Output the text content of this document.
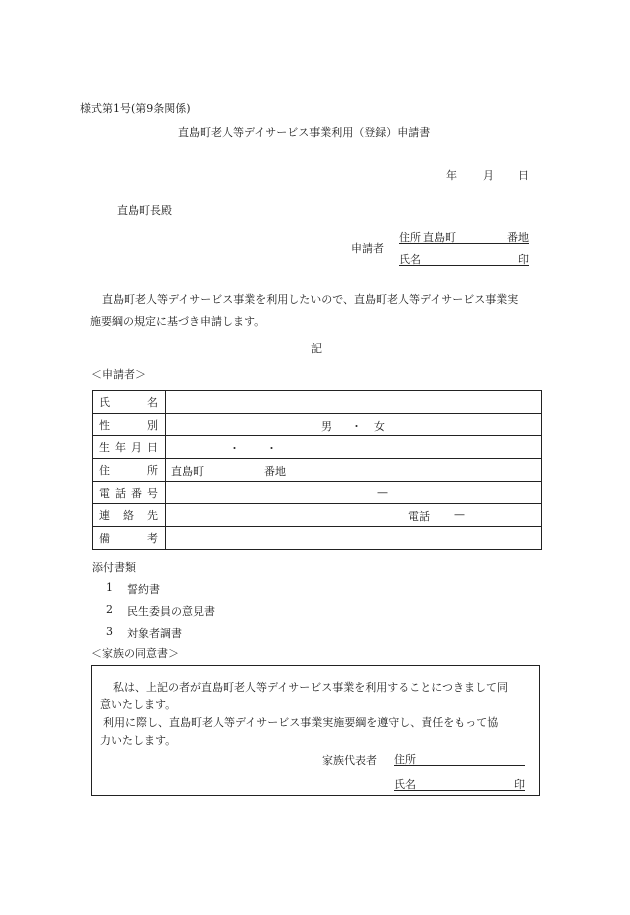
様式第1号(第9条関係)
直島町老人等デイサービス事業利用（登録）申請書
年 月 日
直島町長殿
申請者
住所 直島町	番地
氏名	印
直島町老人等デイサービス事業を利用したいので、直島町老人等デイサービス事業実
施要綱の規定に基づき申請します。
記
＜申請者＞
氏名	
性別	男 ・ 女

生年月日	・ ・

住所	直島町 番地

電話番号	—

連絡先	電話 —

備考	
添付書類
1 誓約書
2 民生委員の意見書
3 対象者調書
＜家族の同意書＞
私は、上記の者が直島町老人等デイサービス事業を利用することにつきまして同
意いたします。
利用に際し、直島町老人等デイサービス事業実施要綱を遵守し、責任をもって協
力いたします。
家族代表者 住所
氏名	印
